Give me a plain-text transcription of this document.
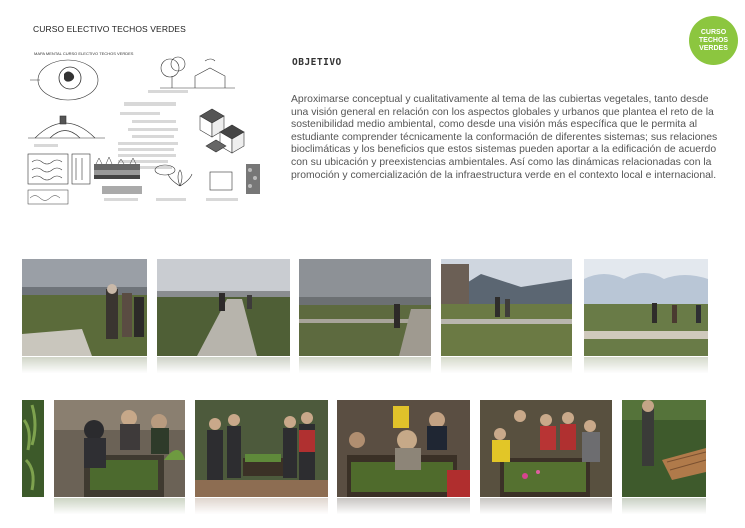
CURSO ELECTIVO TECHOS VERDES	CURSO
TECHOS
VERDES
MAPA MENTAL CURSO ELECTIVO TECHOS VERDES
OBJETIVO
Aproximarse conceptual y cualitativamente al tema de las cubiertas vegetales, tanto desde una visión general en relación con los aspectos globales y urbanos que plantea el reto de la sostenibilidad medio ambiental, como desde una visión más específica que le permita al estudiante comprender técnicamente la conformación de diferentes sistemas; sus relaciones bioclimáticas y los beneficios que estos sistemas pueden aportar a la edificación de acuerdo con su ubicación y preexistencias ambientales. Así como las dinámicas relacionadas con la promoción y comercialización de la infraestructura verde en el contexto local e internacional.
